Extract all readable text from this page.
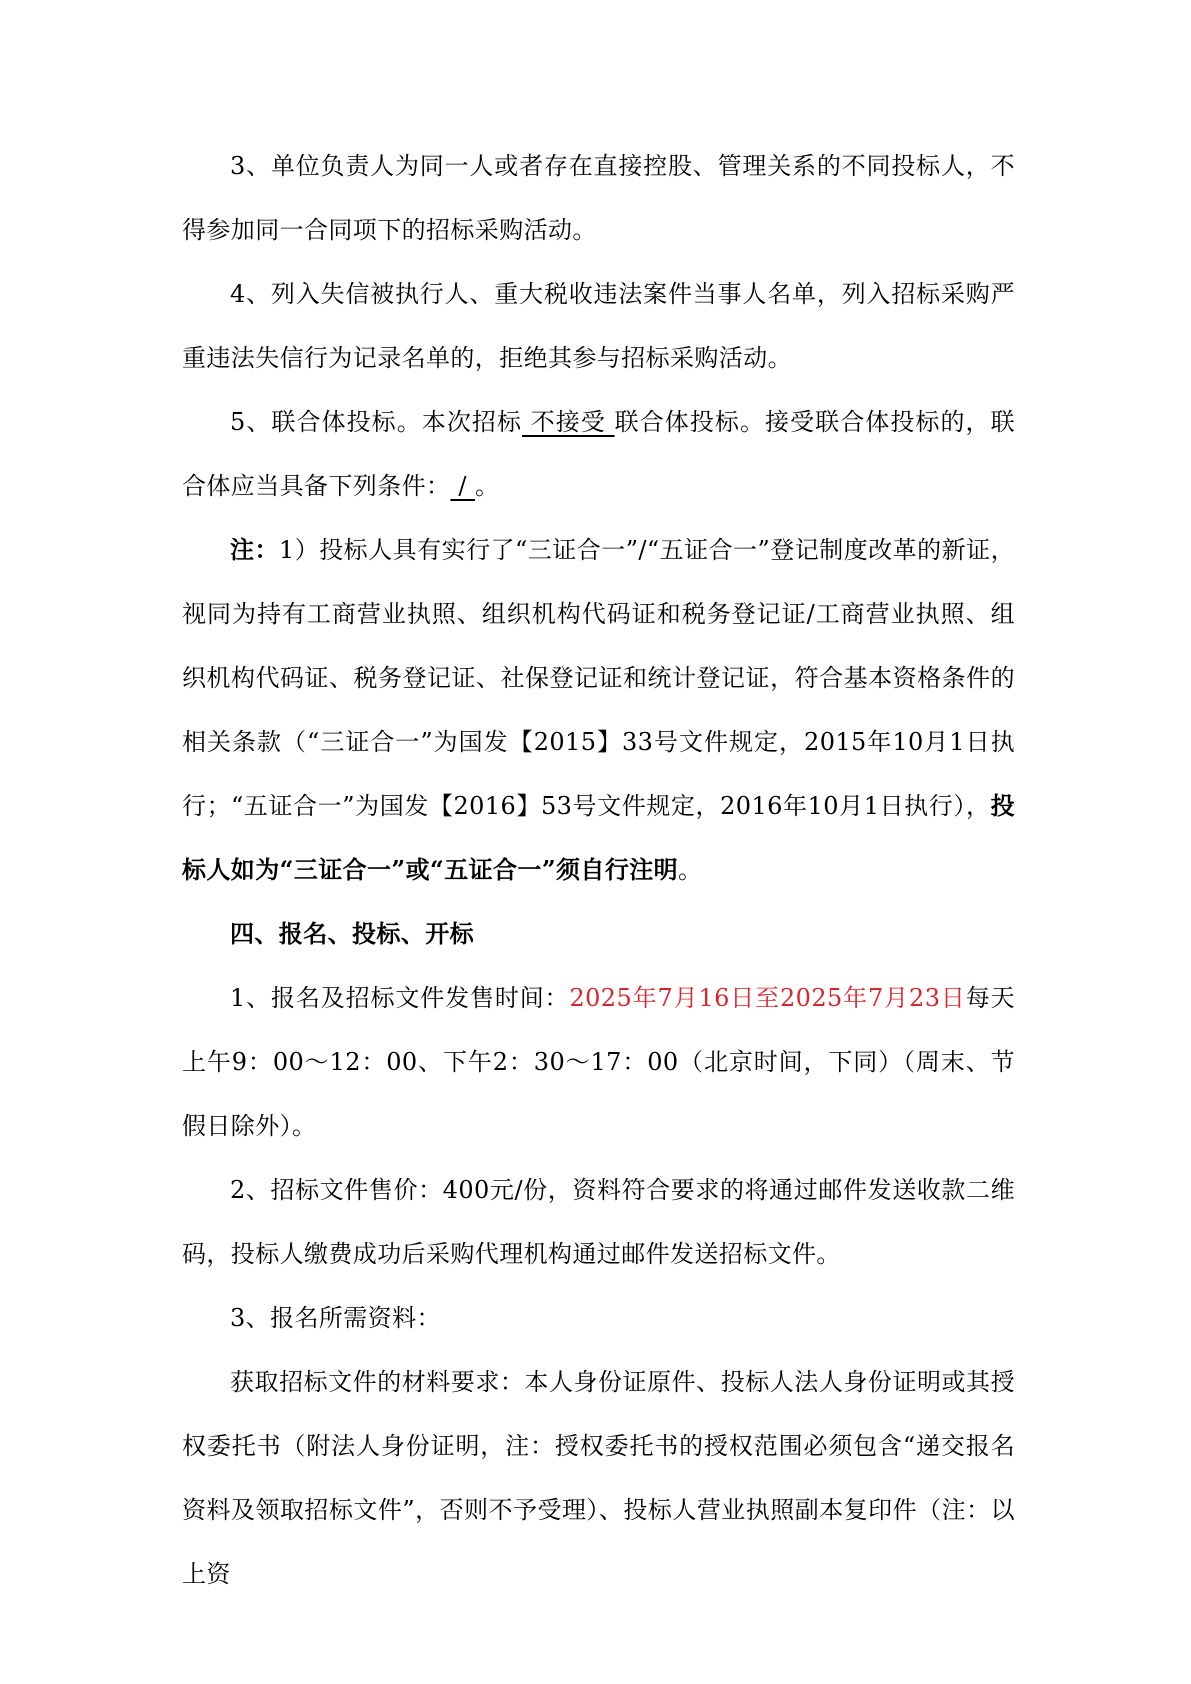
3、单位负责人为同一人或者存在直接控股、管理关系的不同投标人，不得参加同一合同项下的招标采购活动。

4、列入失信被执行人、重大税收违法案件当事人名单，列入招标采购严重违法失信行为记录名单的，拒绝其参与招标采购活动。

5、联合体投标。本次招标 不接受 联合体投标。接受联合体投标的，联合体应当具备下列条件： / 。

注：1）投标人具有实行了“三证合一”/“五证合一”登记制度改革的新证，视同为持有工商营业执照、组织机构代码证和税务登记证/工商营业执照、组织机构代码证、税务登记证、社保登记证和统计登记证，符合基本资格条件的相关条款（“三证合一”为国发【2015】33号文件规定，2015年10月1日执行；“五证合一”为国发【2016】53号文件规定，2016年10月1日执行），投标人如为“三证合一”或“五证合一”须自行注明。

四、报名、投标、开标

1、报名及招标文件发售时间：2025年7月16日至2025年7月23日每天上午9：00～12：00、下午2：30～17：00（北京时间，下同）（周末、节假日除外）。

2、招标文件售价：400元/份，资料符合要求的将通过邮件发送收款二维码，投标人缴费成功后采购代理机构通过邮件发送招标文件。

3、报名所需资料：

获取招标文件的材料要求：本人身份证原件、投标人法人身份证明或其授权委托书（附法人身份证明，注：授权委托书的授权范围必须包含“递交报名资料及领取招标文件”，否则不予受理）、投标人营业执照副本复印件（注：以上资
